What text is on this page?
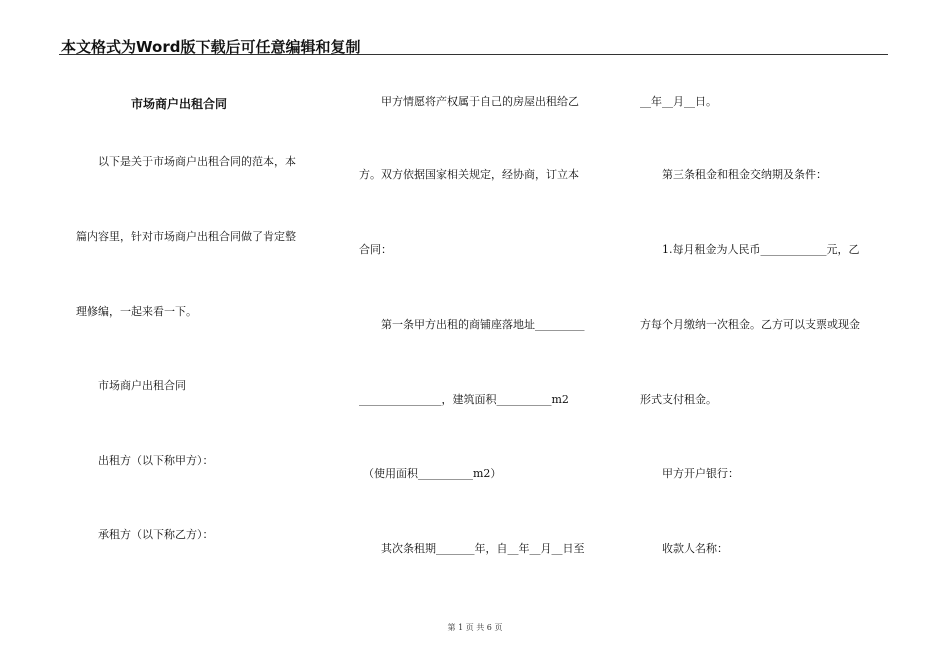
本文格式为Word版下载后可任意编辑和复制
市场商户出租合同
以下是关于市场商户出租合同的范本，本
篇内容里，针对市场商户出租合同做了肯定整
理修编，一起来看一下。
市场商户出租合同
出租方（以下称甲方）：
承租方（以下称乙方）：
甲方情愿将产权属于自己的房屋出租给乙
方。双方依据国家相关规定，经协商，订立本
合同：
第一条甲方出租的商铺座落地址_________
_______________，建筑面积__________m2
（使用面积__________m2）
其次条租期_______年，自__年__月__日至
__年__月__日。
第三条租金和租金交纳期及条件：
1.每月租金为人民币____________元，乙
方每个月缴纳一次租金。乙方可以支票或现金
形式支付租金。
甲方开户银行：
收款人名称：
第 1 页 共 6 页
